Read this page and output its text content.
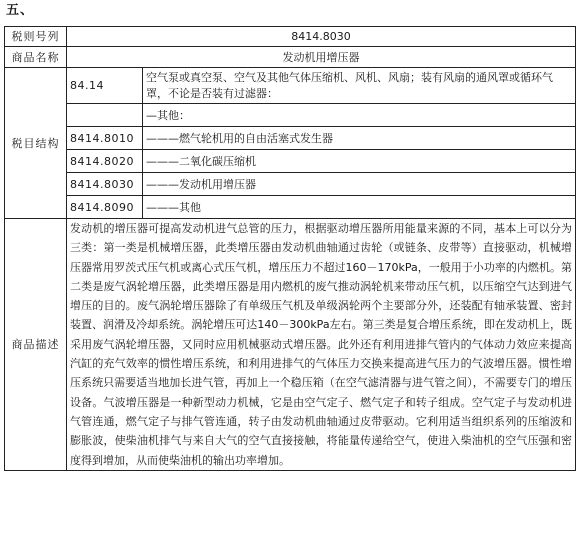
五、
税则号列	8414.8030	
商品名称	发动机用增压器	
税目结构	84.14	空气泵或真空泵、空气及其他气体压缩机、风机、风扇；装有风扇的通风罩或循环气罩，不论是否装有过滤器：
		—其他：
	8414.8010	———燃气轮机用的自由活塞式发生器
	8414.8020	———二氧化碳压缩机
	8414.8030	———发动机用增压器
	8414.8090	———其他
商品描述	发动机的增压器可提高发动机进气总管的压力，根据驱动增压器所用能量来源的不同，基本上可以分为三类：第一类是机械增压器，此类增压器由发动机曲轴通过齿轮（或链条、皮带等）直接驱动，机械增压器常用罗茨式压气机或离心式压气机，增压压力不超过160－170kPa，一般用于小功率的内燃机。第二类是废气涡轮增压器，此类增压器是用内燃机的废气推动涡轮机来带动压气机，以压缩空气达到进气增压的目的。废气涡轮增压器除了有单级压气机及单级涡轮两个主要部分外，还装配有轴承装置、密封装置、润滑及冷却系统。涡轮增压可达140－300kPa左右。第三类是复合增压系统，即在发动机上，既采用废气涡轮增压器，又同时应用机械驱动式增压器。此外还有利用进排气管内的气体动力效应来提高汽缸的充气效率的惯性增压系统，和利用进排气的气体压力交换来提高进气压力的气波增压器。惯性增压系统只需要适当地加长进气管，再加上一个稳压箱（在空气滤清器与进气管之间），不需要专门的增压设备。气波增压器是一种新型动力机械，它是由空气定子、燃气定子和转子组成。空气定子与发动机进气管连通，燃气定子与排气管连通，转子由发动机曲轴通过皮带驱动。它利用适当组织系列的压缩波和膨胀波，使柴油机排气与来自大气的空气直接接触，将能量传递给空气，使进入柴油机的空气压强和密度得到增加，从而使柴油机的输出功率增加。	
